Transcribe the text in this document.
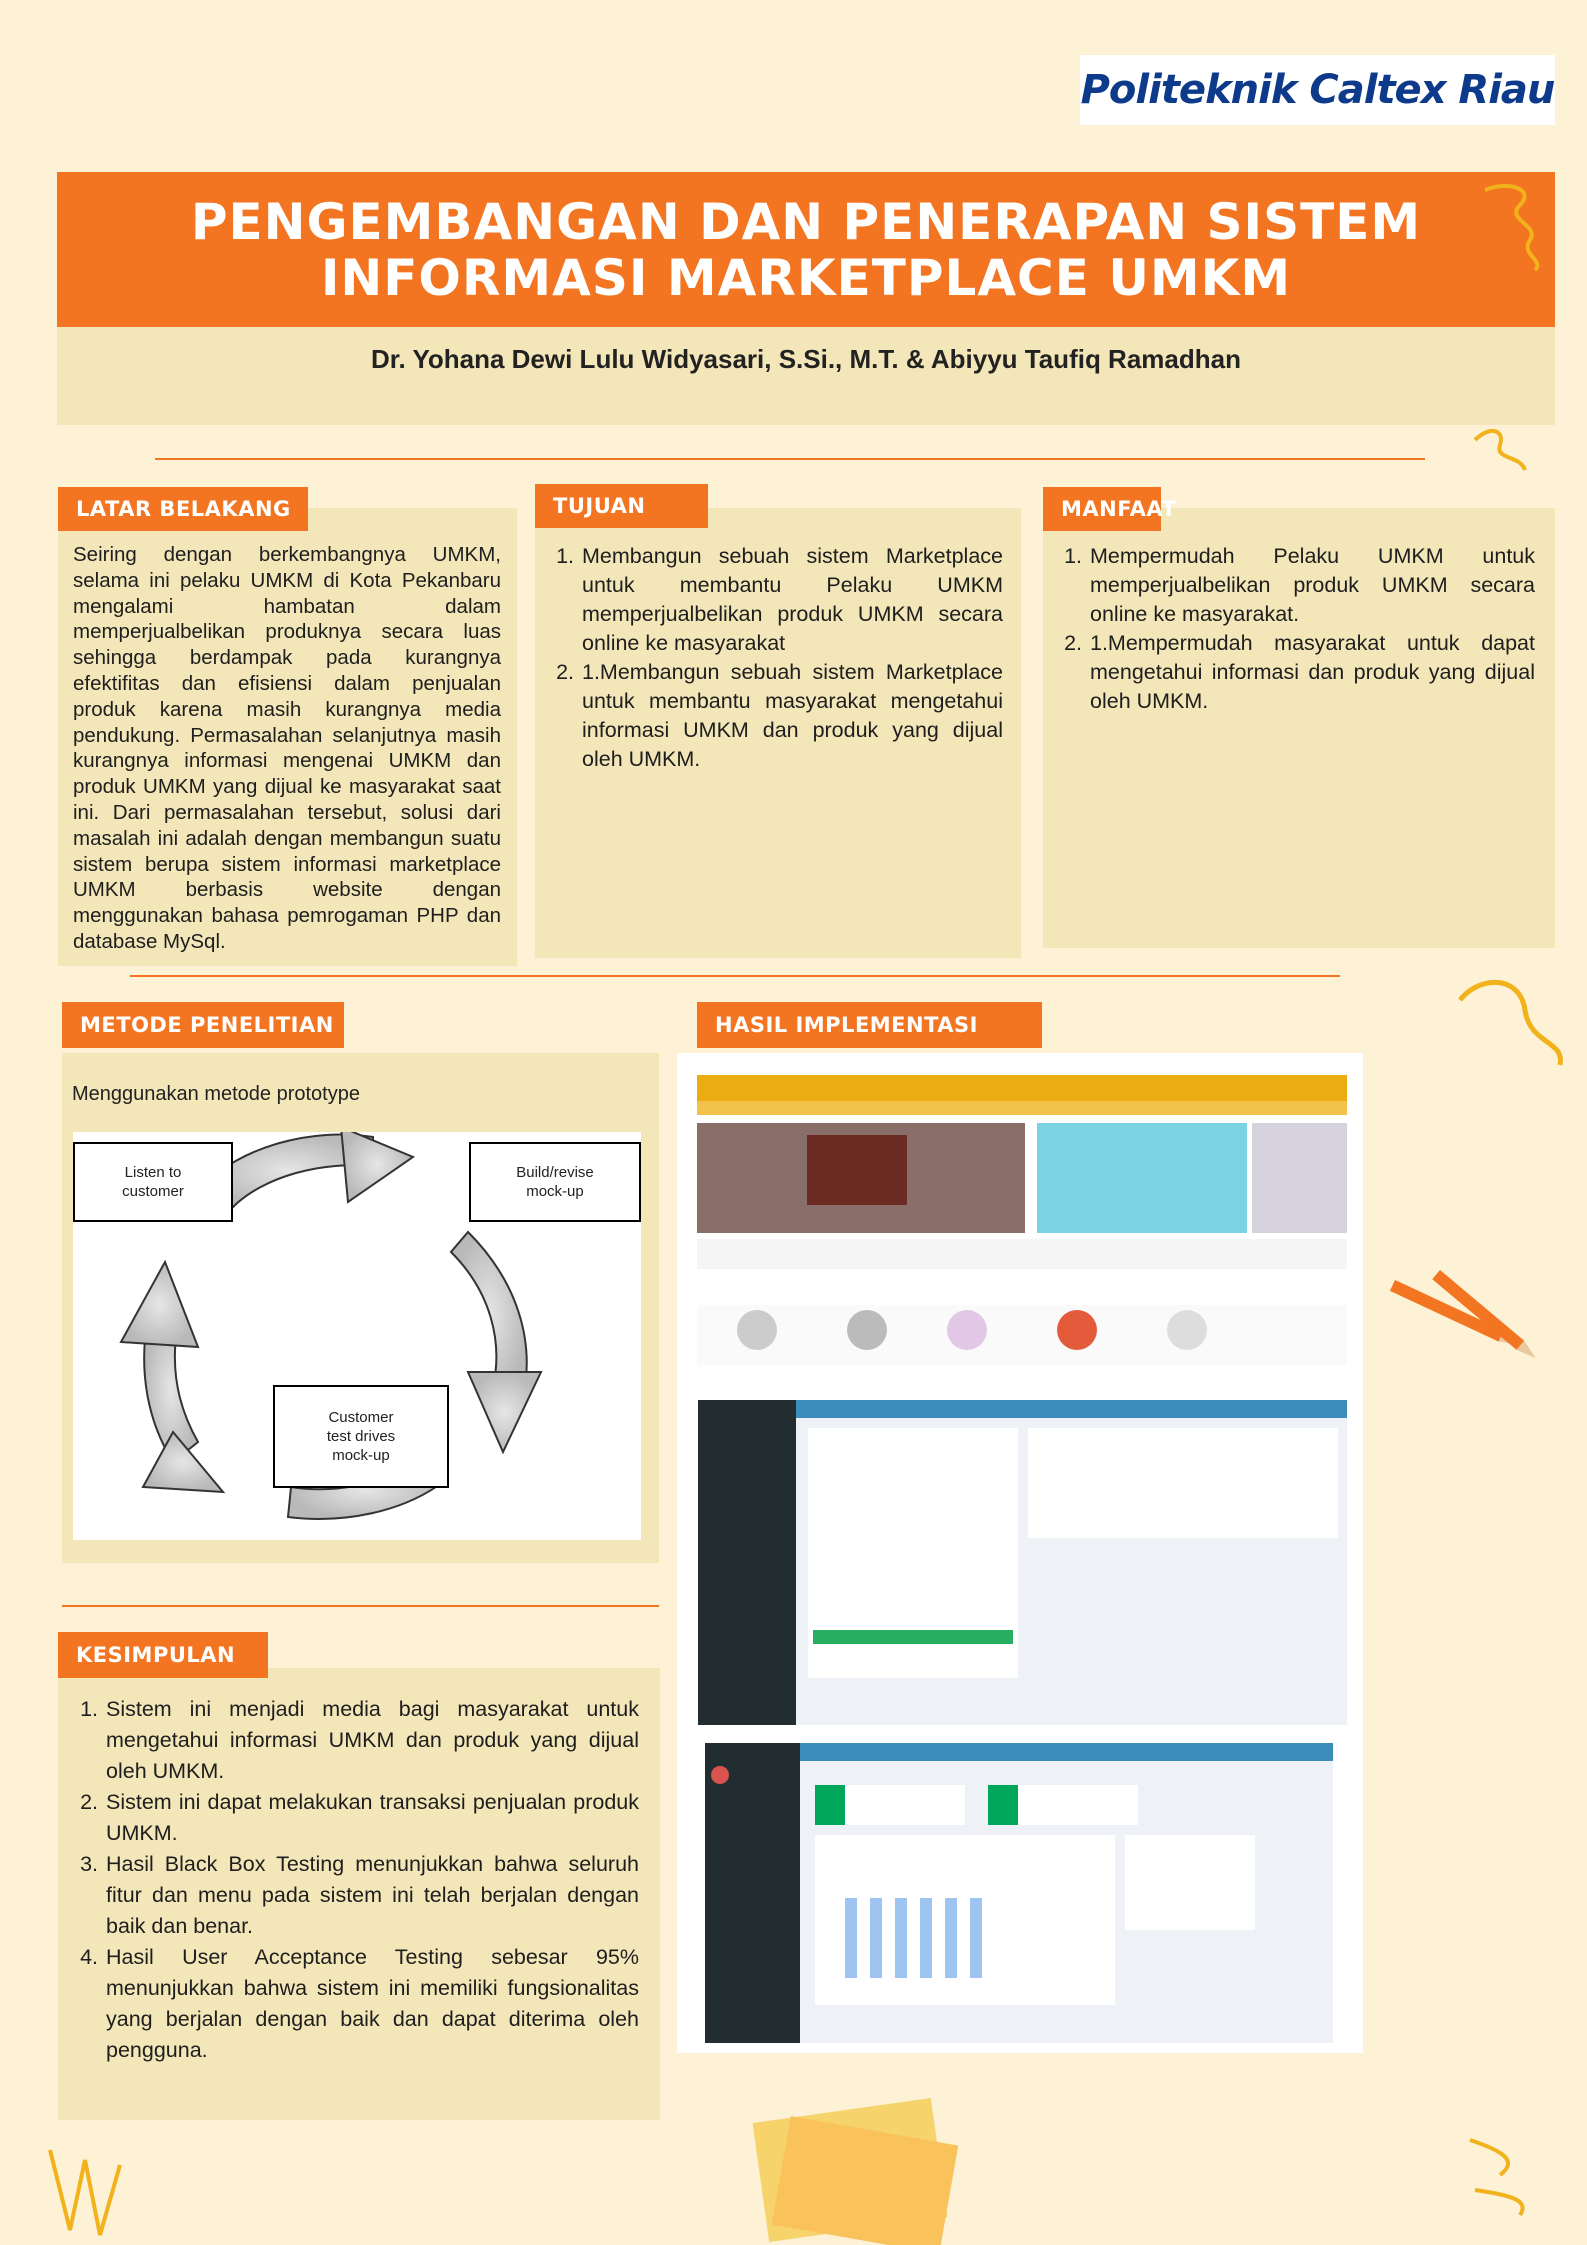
Politeknik Caltex Riau
PENGEMBANGAN DAN PENERAPAN SISTEM
INFORMASI MARKETPLACE UMKM
Dr. Yohana Dewi Lulu Widyasari, S.Si., M.T. & Abiyyu Taufiq Ramadhan

Seiring dengan berkembangnya UMKM, selama ini pelaku UMKM di Kota Pekanbaru mengalami hambatan dalam memperjualbelikan produknya secara luas sehingga berdampak pada kurangnya efektifitas dan efisiensi dalam penjualan produk karena masih kurangnya media pendukung. Permasalahan selanjutnya masih kurangnya informasi mengenai UMKM dan produk UMKM yang dijual ke masyarakat saat ini. Dari permasalahan tersebut, solusi dari masalah ini adalah dengan membangun suatu sistem berupa sistem informasi marketplace UMKM berbasis website dengan menggunakan bahasa pemrogaman PHP dan database MySql.

LATAR BELAKANG
1. Membangun sebuah sistem Marketplace untuk membantu Pelaku UMKM memperjualbelikan produk UMKM secara online ke masyarakat
2. 1.Membangun sebuah sistem Marketplace untuk membantu masyarakat mengetahui informasi UMKM dan produk yang dijual oleh UMKM.
TUJUAN
1. Mempermudah Pelaku UMKM untuk memperjualbelikan produk UMKM secara online ke masyarakat.
2. 1.Mempermudah masyarakat untuk dapat mengetahui informasi dan produk yang dijual oleh UMKM.
MANFAAT

Menggunakan metode prototype

METODE PENELITIAN
Listen to
customer
Build/revise
mock-up
Customer
test drives
mock-up
HASIL IMPLEMENTASI
1. Sistem ini menjadi media bagi masyarakat untuk mengetahui informasi UMKM dan produk yang dijual oleh UMKM.
2. Sistem ini dapat melakukan transaksi penjualan produk UMKM.
3. Hasil Black Box Testing menunjukkan bahwa seluruh fitur dan menu pada sistem ini telah berjalan dengan baik dan benar.
4. Hasil User Acceptance Testing sebesar 95% menunjukkan bahwa sistem ini memiliki fungsionalitas yang berjalan dengan baik dan dapat diterima oleh pengguna.
KESIMPULAN
